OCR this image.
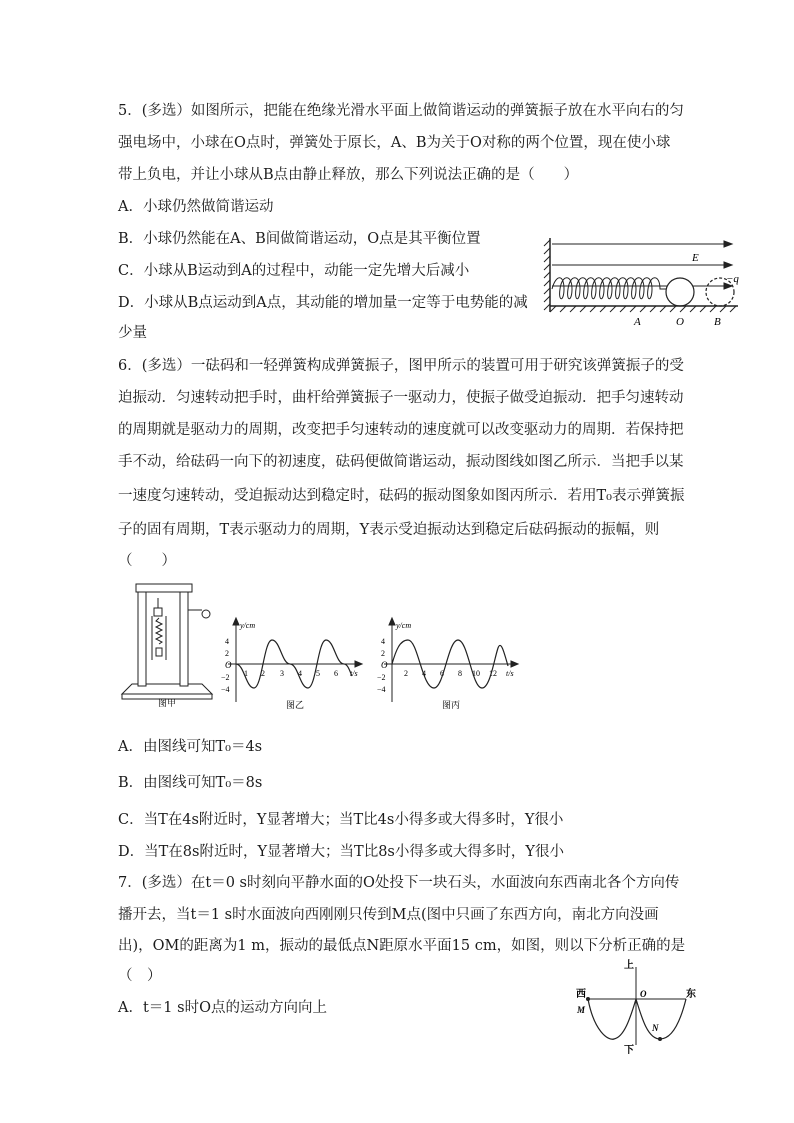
5．(多选）如图所示，把能在绝缘光滑水平面上做简谐运动的弹簧振子放在水平向右的匀
强电场中，小球在O点时，弹簧处于原长，A、B为关于O对称的两个位置，现在使小球
带上负电，并让小球从B点由静止释放，那么下列说法正确的是（　　）
A．小球仍然做简谐运动
B．小球仍然能在A、B间做简谐运动，O点是其平衡位置
C．小球从B运动到A的过程中，动能一定先增大后减小
D．小球从B点运动到A点，其动能的增加量一定等于电势能的减
少量
E
−q
A	O	B
6．(多选）一砝码和一轻弹簧构成弹簧振子，图甲所示的装置可用于研究该弹簧振子的受
迫振动．匀速转动把手时，曲杆给弹簧振子一驱动力，使振子做受迫振动．把手匀速转动
的周期就是驱动力的周期，改变把手匀速转动的速度就可以改变驱动力的周期．若保持把
手不动，给砝码一向下的初速度，砝码便做简谐运动，振动图线如图乙所示．当把手以某
一速度匀速转动，受迫振动达到稳定时，砝码的振动图象如图丙所示．若用T₀表示弹簧振
子的固有周期，T表示驱动力的周期，Y表示受迫振动达到稳定后砝码振动的振幅，则
（　　）
图甲
y/cm
t/s
O
4
2
−2
−4
1 2 3 4 5 6
图乙
y/cm
t/s
O
4
2
−2
−4
2 4 6 8 10 12
图丙
A．由图线可知T₀＝4s
B．由图线可知T₀＝8s
C．当T在4s附近时，Y显著增大；当T比4s小得多或大得多时，Y很小
D．当T在8s附近时，Y显著增大；当T比8s小得多或大得多时，Y很小
7．(多选）在t＝0 s时刻向平静水面的O处投下一块石头，水面波向东西南北各个方向传
播开去，当t＝1 s时水面波向西刚刚只传到M点(图中只画了东西方向，南北方向没画
出)，OM的距离为1 m，振动的最低点N距原水平面15 cm，如图，则以下分析正确的是
（　）
A．t＝1 s时O点的运动方向向上
上
下
西	东
O
M
N
